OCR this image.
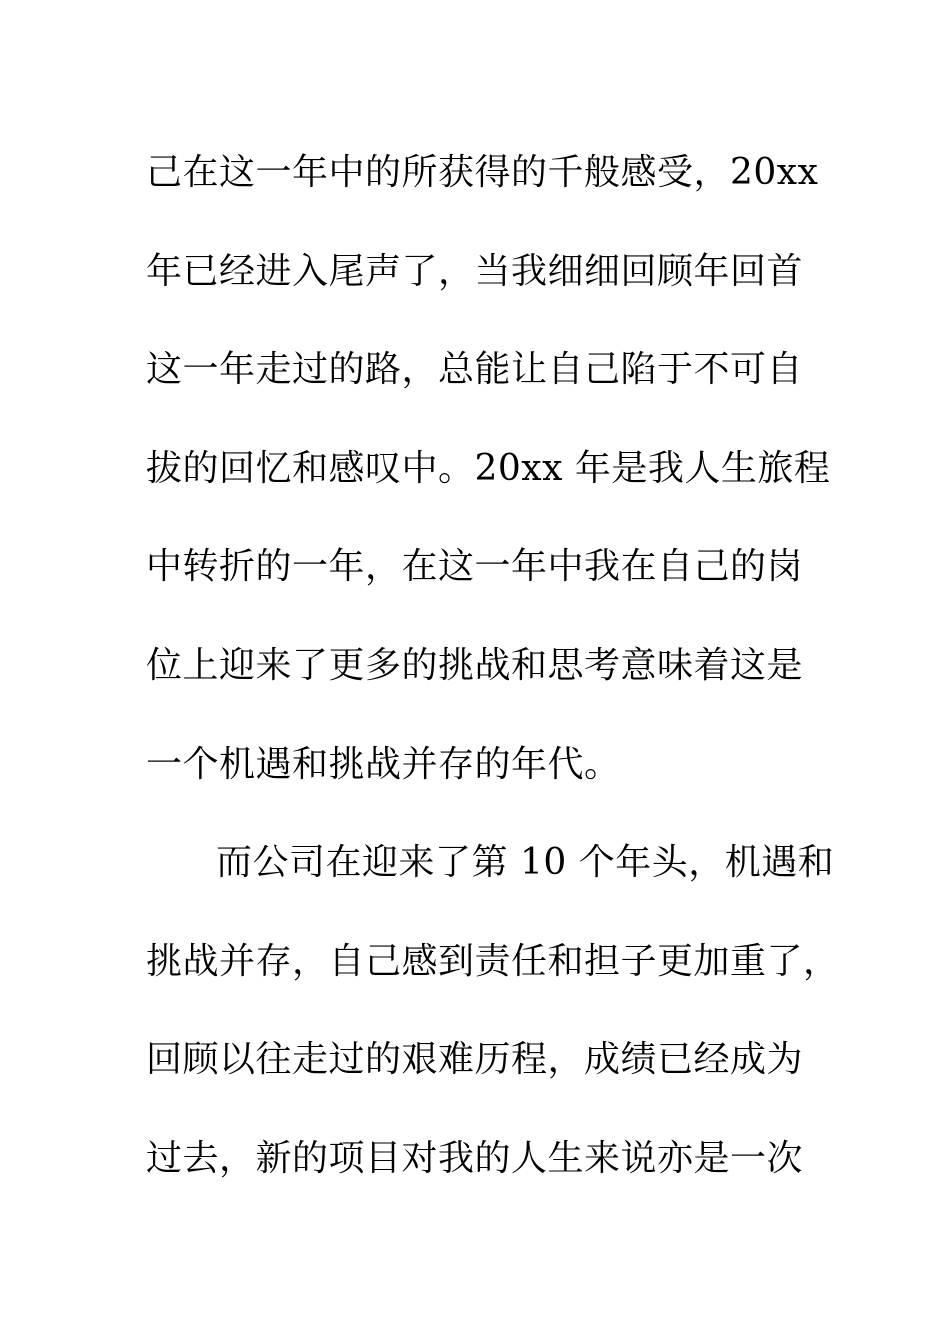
己在这一年中的所获得的千般感受，20xx
年已经进入尾声了，当我细细回顾年回首
这一年走过的路，总能让自己陷于不可自
拔的回忆和感叹中。20xx 年是我人生旅程
中转折的一年，在这一年中我在自己的岗
位上迎来了更多的挑战和思考意味着这是
一个机遇和挑战并存的年代。
而公司在迎来了第 10 个年头，机遇和
挑战并存，自己感到责任和担子更加重了，
回顾以往走过的艰难历程，成绩已经成为
过去，新的项目对我的人生来说亦是一次
